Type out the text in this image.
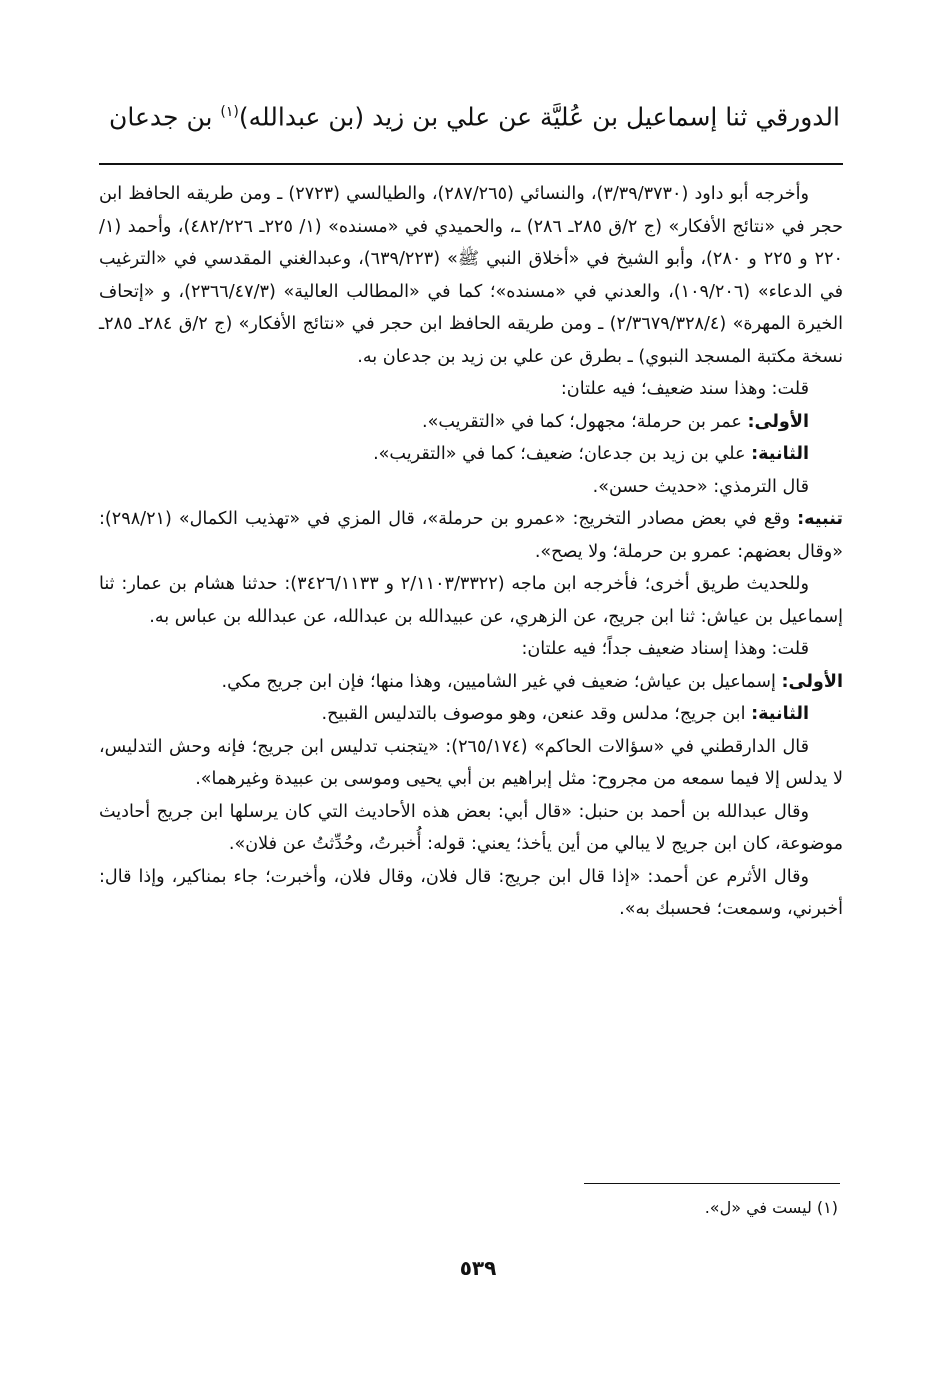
الدورقي ثنا إسماعيل بن عُليَّة عن علي بن زيد (بن عبدالله)$^{(١)}$ بن جدعان

وأخرجه أبو داود (٣/٣٩/٣٧٣٠)، والنسائي (٢٨٧/٢٦٥)، والطيالسي (٢٧٢٣) ـ ومن طريقه الحافظ ابن حجر في «نتائج الأفكار» (ج ٢/ق ٢٨٥ـ ٢٨٦) ـ، والحميدي في «مسنده» (١/ ٢٢٥ـ ٤٨٢/٢٢٦)، وأحمد (١/ ٢٢٠ و ٢٢٥ و ٢٨٠)، وأبو الشيخ في «أخلاق النبي ﷺ» (٦٣٩/٢٢٣)، وعبدالغني المقدسي في «الترغيب في الدعاء» (١٠٩/٢٠٦)، والعدني في «مسنده»؛ كما في «المطالب العالية» (٢٣٦٦/٤٧/٣)، و «إتحاف الخيرة المهرة» (٢/٣٦٧٩/٣٢٨/٤) ـ ومن طريقه الحافظ ابن حجر في «نتائج الأفكار» (ج ٢/ق ٢٨٤ـ ٢٨٥ـ نسخة مكتبة المسجد النبوي) ـ بطرق عن علي بن زيد بن جدعان به.

قلت: وهذا سند ضعيف؛ فيه علتان:

الأولى: عمر بن حرملة؛ مجهول؛ كما في «التقريب».

الثانية: علي بن زيد بن جدعان؛ ضعيف؛ كما في «التقريب».

قال الترمذي: «حديث حسن».

تنبيه: وقع في بعض مصادر التخريج: «عمرو بن حرملة»، قال المزي في «تهذيب الكمال» (٢٩٨/٢١): «وقال بعضهم: عمرو بن حرملة؛ ولا يصح».

وللحديث طريق أخرى؛ فأخرجه ابن ماجه (٢/١١٠٣/٣٣٢٢ و ٣٤٢٦/١١٣٣): حدثنا هشام بن عمار: ثنا إسماعيل بن عياش: ثنا ابن جريج، عن الزهري، عن عبيدالله بن عبدالله، عن عبدالله بن عباس به.

قلت: وهذا إسناد ضعيف جداً؛ فيه علتان:

الأولى: إسماعيل بن عياش؛ ضعيف في غير الشاميين، وهذا منها؛ فإن ابن جريج مكي.

الثانية: ابن جريج؛ مدلس وقد عنعن، وهو موصوف بالتدليس القبيح.

قال الدارقطني في «سؤالات الحاكم» (٢٦٥/١٧٤): «يتجنب تدليس ابن جريج؛ فإنه وحش التدليس، لا يدلس إلا فيما سمعه من مجروح: مثل إبراهيم بن أبي يحيى وموسى بن عبيدة وغيرهما».

وقال عبدالله بن أحمد بن حنبل: «قال أبي: بعض هذه الأحاديث التي كان يرسلها ابن جريج أحاديث موضوعة، كان ابن جريج لا يبالي من أين يأخذ؛ يعني: قوله: أُخبرتُ، وحُدِّثتُ عن فلان».

وقال الأثرم عن أحمد: «إذا قال ابن جريج: قال فلان، وقال فلان، وأخبرت؛ جاء بمناكير، وإذا قال: أخبرني، وسمعت؛ فحسبك به».

(١) ليست في «ل».
٥٣٩
